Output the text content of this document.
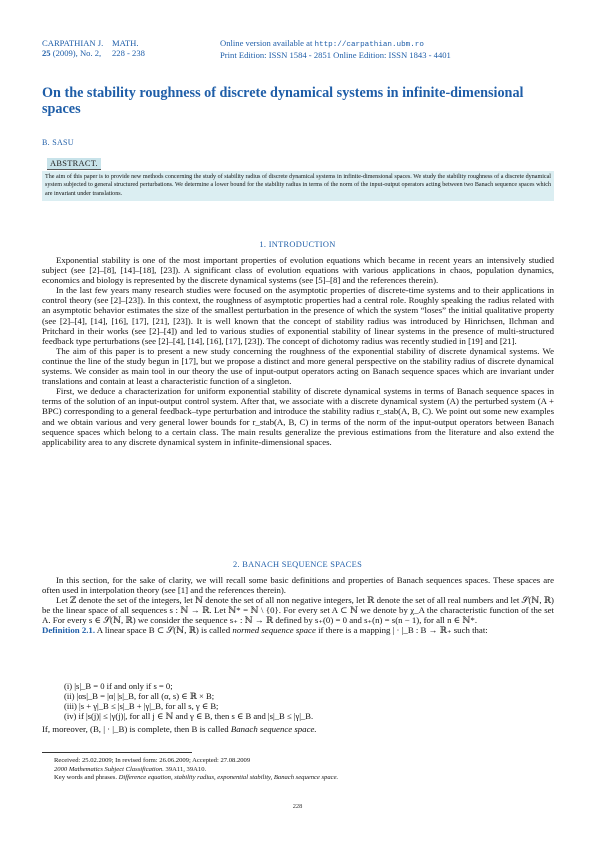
CARPATHIAN J.	MATH.
25 (2009), No. 2,	228 - 238
Online version available at http://carpathian.ubm.ro
Print Edition: ISSN 1584 - 2851 Online Edition: ISSN 1843 - 4401
On the stability roughness of discrete dynamical systems in infinite-dimensional spaces
B. SASU
ABSTRACT.
The aim of this paper is to provide new methods concerning the study of stability radius of discrete dynamical systems in infinite-dimensional spaces. We study the stability roughness of a discrete dynamical system subjected to general structured perturbations. We determine a lower bound for the stability radius in terms of the norm of the input-output operators acting between two Banach sequence spaces which are invariant under translations.
1. INTRODUCTION

Exponential stability is one of the most important properties of evolution equations which became in recent years an intensively studied subject (see [2]–[8], [14]–[18], [23]). A significant class of evolution equations with various applications in chaos, population dynamics, economics and biology is represented by the discrete dynamical systems (see [5]–[8] and the references therein).

In the last few years many research studies were focused on the asymptotic properties of discrete-time systems and to their applications in control theory (see [2]–[23]). In this context, the roughness of asymptotic properties had a central role. Roughly speaking the radius related with an asymptotic behavior estimates the size of the smallest perturbation in the presence of which the system “loses” the initial qualitative property (see [2]–[4], [14], [16], [17], [21], [23]). It is well known that the concept of stability radius was introduced by Hinrichsen, Ilchman and Pritchard in their works (see [2]–[4]) and led to various studies of exponential stability of linear systems in the presence of multi-structured feedback type perturbations (see [2]–[4], [14], [16], [17], [23]). The concept of dichotomy radius was recently studied in [19] and [21].

The aim of this paper is to present a new study concerning the roughness of the exponential stability of discrete dynamical systems. We continue the line of the study begun in [17], but we propose a distinct and more general perspective on the stability radius of discrete dynamical systems. We consider as main tool in our theory the use of input-output operators acting on Banach sequence spaces which are invariant under translations and contain at least a characteristic function of a singleton.

First, we deduce a characterization for uniform exponential stability of discrete dynamical systems in terms of Banach sequence spaces in terms of the solution of an input-output control system. After that, we associate with a discrete dynamical system (A) the perturbed system (A + BPC) corresponding to a general feedback–type perturbation and introduce the stability radius r_stab(A, B, C). We point out some new examples and we obtain various and very general lower bounds for r_stab(A, B, C) in terms of the norm of the input-output operators between Banach sequence spaces which belong to a certain class. The main results generalize the previous estimations from the literature and also extend the applicability area to any discrete dynamical system in infinite-dimensional spaces.

2. BANACH SEQUENCE SPACES

In this section, for the sake of clarity, we will recall some basic definitions and properties of Banach sequences spaces. These spaces are often used in interpolation theory (see [1] and the references therein).

Let ℤ denote the set of the integers, let ℕ denote the set of all non negative integers, let ℝ denote the set of all real numbers and let 𝒮(ℕ, ℝ) be the linear space of all sequences s : ℕ → ℝ. Let ℕ* = ℕ \ {0}. For every set A ⊂ ℕ we denote by χ_A the characteristic function of the set A. For every s ∈ 𝒮(ℕ, ℝ) we consider the sequence s₊ : ℕ → ℝ defined by s₊(0) = 0 and s₊(n) = s(n − 1), for all n ∈ ℕ*.

Definition 2.1. A linear space B ⊂ 𝒮(ℕ, ℝ) is called normed sequence space if there is a mapping | · |_B : B → ℝ₊ such that:

(i) |s|_B = 0 if and only if s = 0;
(ii) |αs|_B = |α| |s|_B, for all (α, s) ∈ ℝ × B;
(iii) |s + γ|_B ≤ |s|_B + |γ|_B, for all s, γ ∈ B;
(iv) if |s(j)| ≤ |γ(j)|, for all j ∈ ℕ and γ ∈ B, then s ∈ B and |s|_B ≤ |γ|_B.
If, moreover, (B, | · |_B) is complete, then B is called Banach sequence space.
Received: 25.02.2009; In revised form: 26.06.2009; Accepted: 27.08.2009
2000 Mathematics Subject Classification. 39A11, 39A10.
Key words and phrases. Difference equation, stability radius, exponential stability, Banach sequence space.
228
